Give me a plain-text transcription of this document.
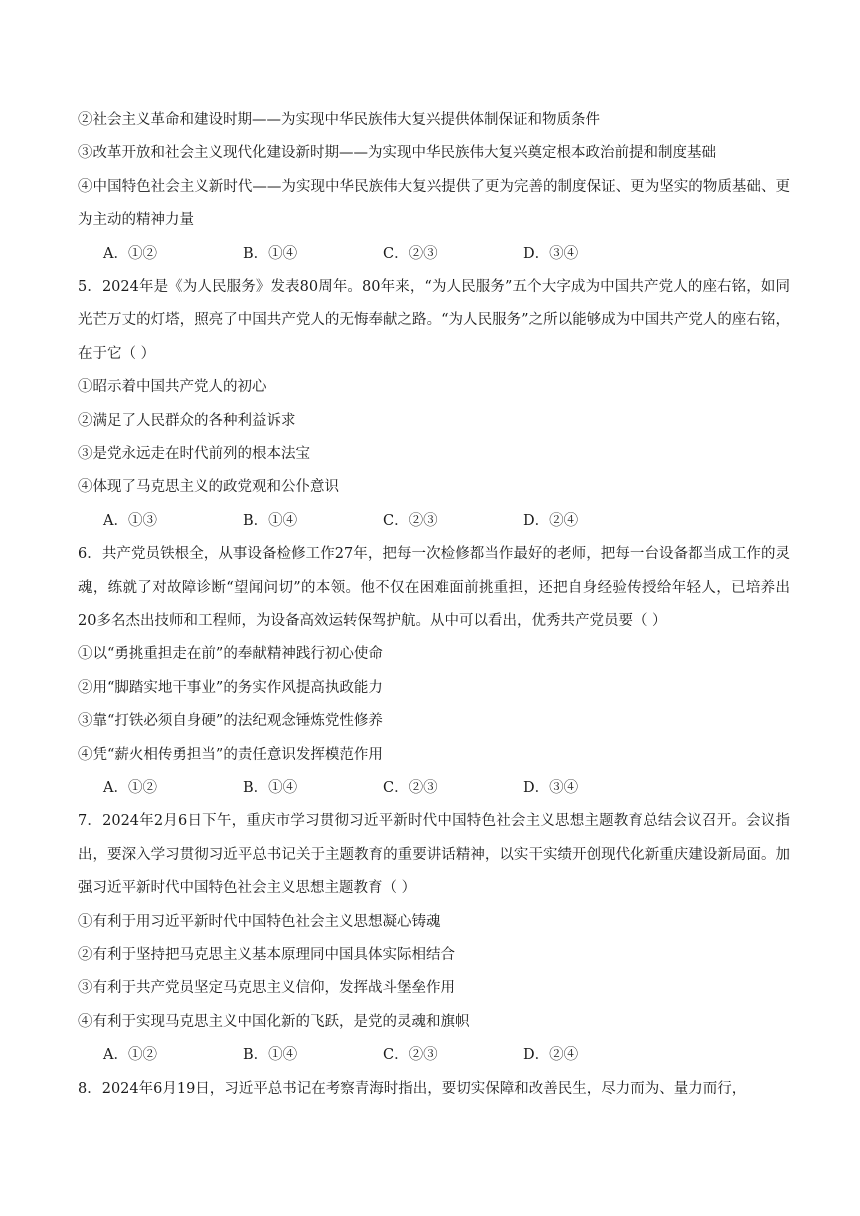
②社会主义革命和建设时期——为实现中华民族伟大复兴提供体制保证和物质条件
③改革开放和社会主义现代化建设新时期——为实现中华民族伟大复兴奠定根本政治前提和制度基础
④中国特色社会主义新时代——为实现中华民族伟大复兴提供了更为完善的制度保证、更为坚实的物质基础、更为主动的精神力量
A．①②	B．①④	C．②③	D．③④
5．2024年是《为人民服务》发表80周年。80年来，“为人民服务”五个大字成为中国共产党人的座右铭，如同光芒万丈的灯塔，照亮了中国共产党人的无悔奉献之路。“为人民服务”之所以能够成为中国共产党人的座右铭，在于它（ ）
①昭示着中国共产党人的初心
②满足了人民群众的各种利益诉求
③是党永远走在时代前列的根本法宝
④体现了马克思主义的政党观和公仆意识
A．①③	B．①④	C．②③	D．②④
6．共产党员铁根全，从事设备检修工作27年，把每一次检修都当作最好的老师，把每一台设备都当成工作的灵魂，练就了对故障诊断“望闻问切”的本领。他不仅在困难面前挑重担，还把自身经验传授给年轻人，已培养出20多名杰出技师和工程师，为设备高效运转保驾护航。从中可以看出，优秀共产党员要（ ）
①以“勇挑重担走在前”的奉献精神践行初心使命
②用“脚踏实地干事业”的务实作风提高执政能力
③靠“打铁必须自身硬”的法纪观念锤炼党性修养
④凭“薪火相传勇担当”的责任意识发挥模范作用
A．①②	B．①④	C．②③	D．③④
7．2024年2月6日下午，重庆市学习贯彻习近平新时代中国特色社会主义思想主题教育总结会议召开。会议指出，要深入学习贯彻习近平总书记关于主题教育的重要讲话精神，以实干实绩开创现代化新重庆建设新局面。加强习近平新时代中国特色社会主义思想主题教育（ ）
①有利于用习近平新时代中国特色社会主义思想凝心铸魂
②有利于坚持把马克思主义基本原理同中国具体实际相结合
③有利于共产党员坚定马克思主义信仰，发挥战斗堡垒作用
④有利于实现马克思主义中国化新的飞跃，是党的灵魂和旗帜
A．①②	B．①④	C．②③	D．②④
8．2024年6月19日，习近平总书记在考察青海时指出，要切实保障和改善民生，尽力而为、量力而行，
